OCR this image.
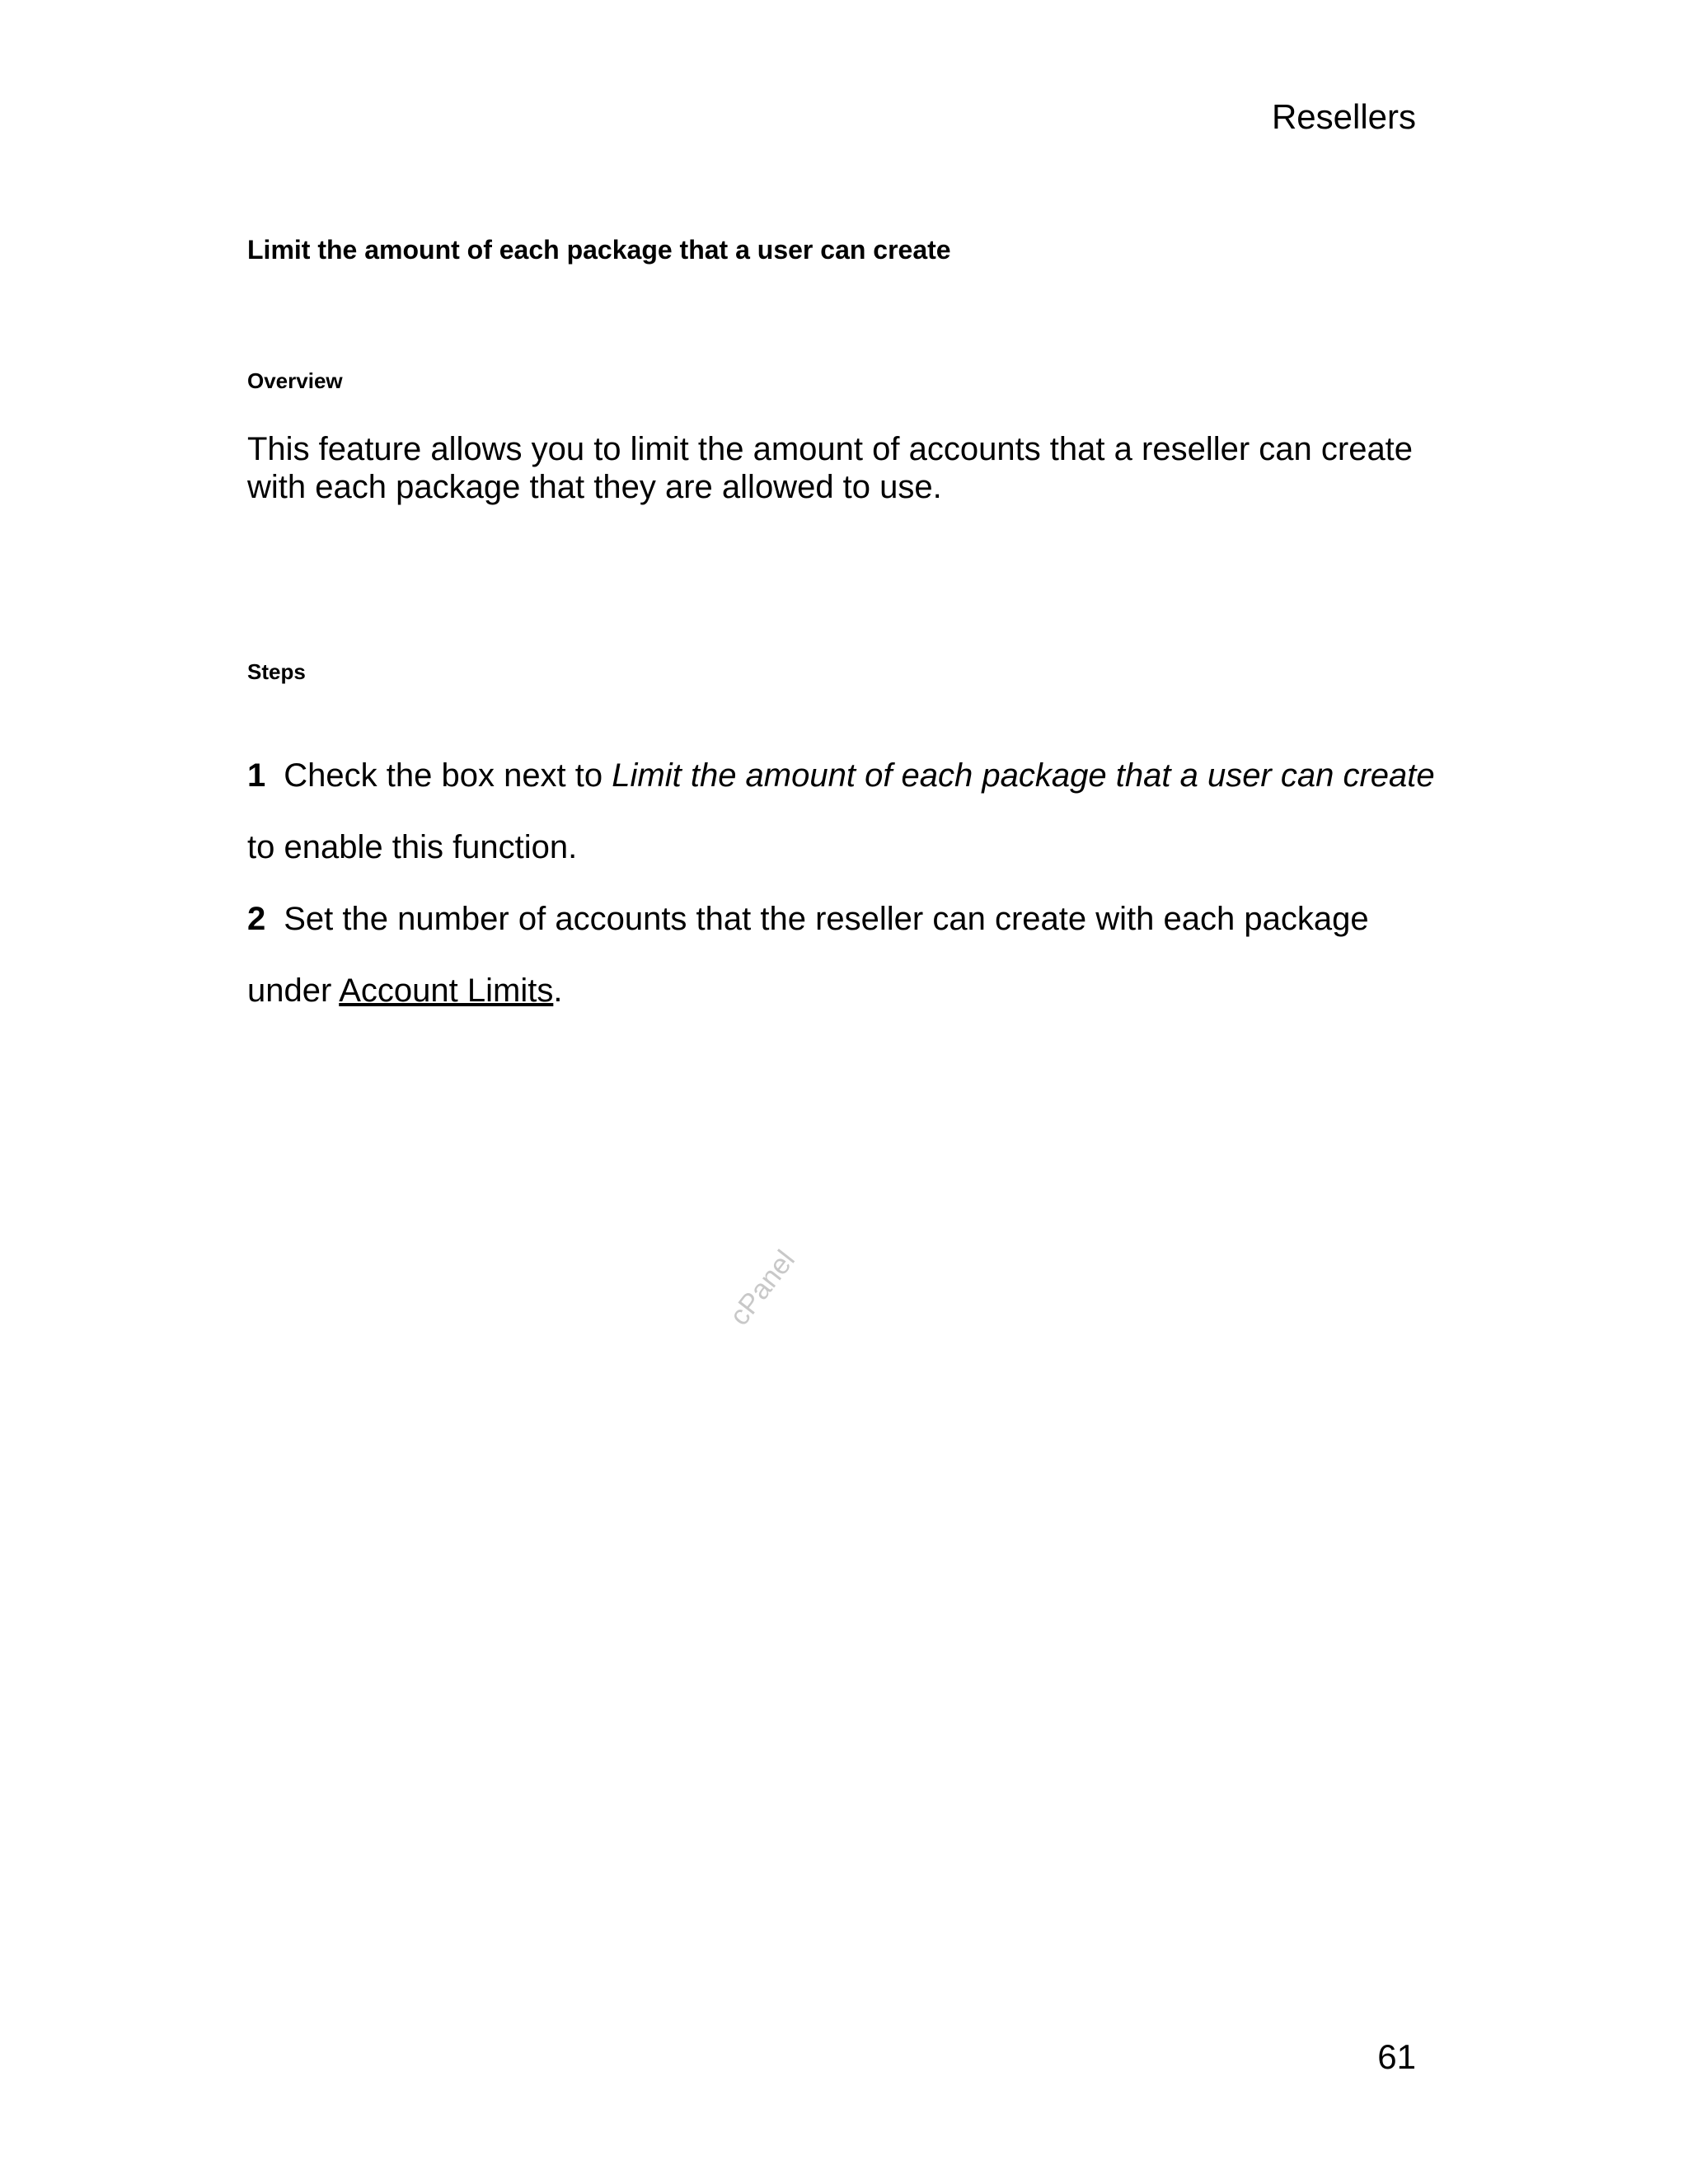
Resellers
Limit the amount of each package that a user can create
Overview
This feature allows you to limit the amount of accounts that a reseller can create with each package that they are allowed to use.
Steps

1 Check the box next to Limit the amount of each package that a user can create to enable this function.

2 Set the number of accounts that the reseller can create with each package under Account Limits.

cPanel
61
